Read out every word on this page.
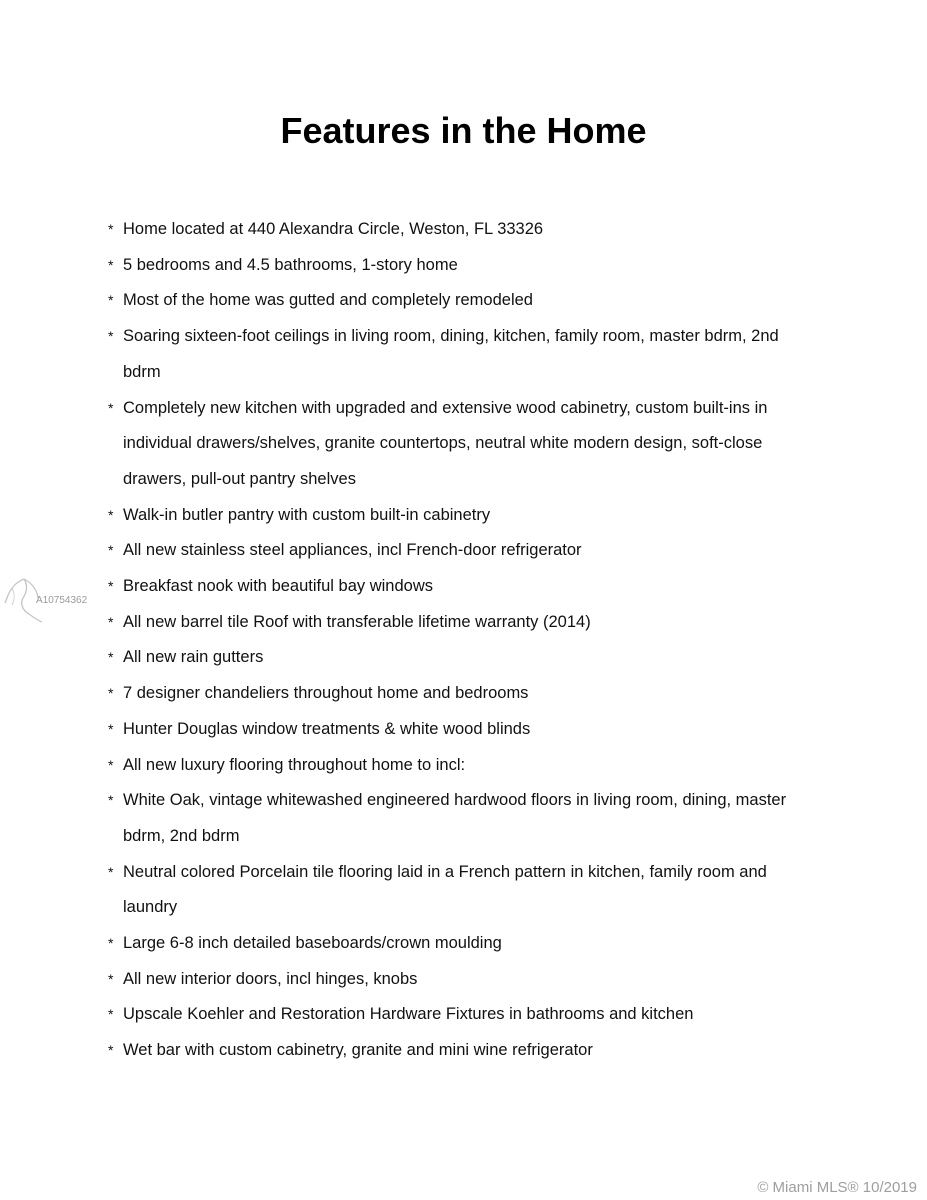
Features in the Home
* Home located at 440 Alexandra Circle, Weston, FL 33326
* 5 bedrooms and 4.5 bathrooms, 1-story home
* Most of the home was gutted and completely remodeled
* Soaring sixteen-foot ceilings in living room, dining, kitchen, family room, master bdrm, 2nd bdrm
* Completely new kitchen with upgraded and extensive wood cabinetry, custom built-ins in individual drawers/shelves, granite countertops, neutral white modern design, soft-close drawers, pull-out pantry shelves
* Walk-in butler pantry with custom built-in cabinetry
* All new stainless steel appliances, incl French-door refrigerator
* Breakfast nook with beautiful bay windows
* All new barrel tile Roof with transferable lifetime warranty (2014)
* All new rain gutters
* 7 designer chandeliers throughout home and bedrooms
* Hunter Douglas window treatments & white wood blinds
* All new luxury flooring throughout home to incl:
* White Oak, vintage whitewashed engineered hardwood floors in living room, dining, master bdrm, 2nd bdrm
* Neutral colored Porcelain tile flooring laid in a French pattern in kitchen, family room and laundry
* Large 6-8 inch detailed baseboards/crown moulding
* All new interior doors, incl hinges, knobs
* Upscale Koehler and Restoration Hardware Fixtures in bathrooms and kitchen
* Wet bar with custom cabinetry, granite and mini wine refrigerator
A10754362
© Miami MLS® 10/2019
